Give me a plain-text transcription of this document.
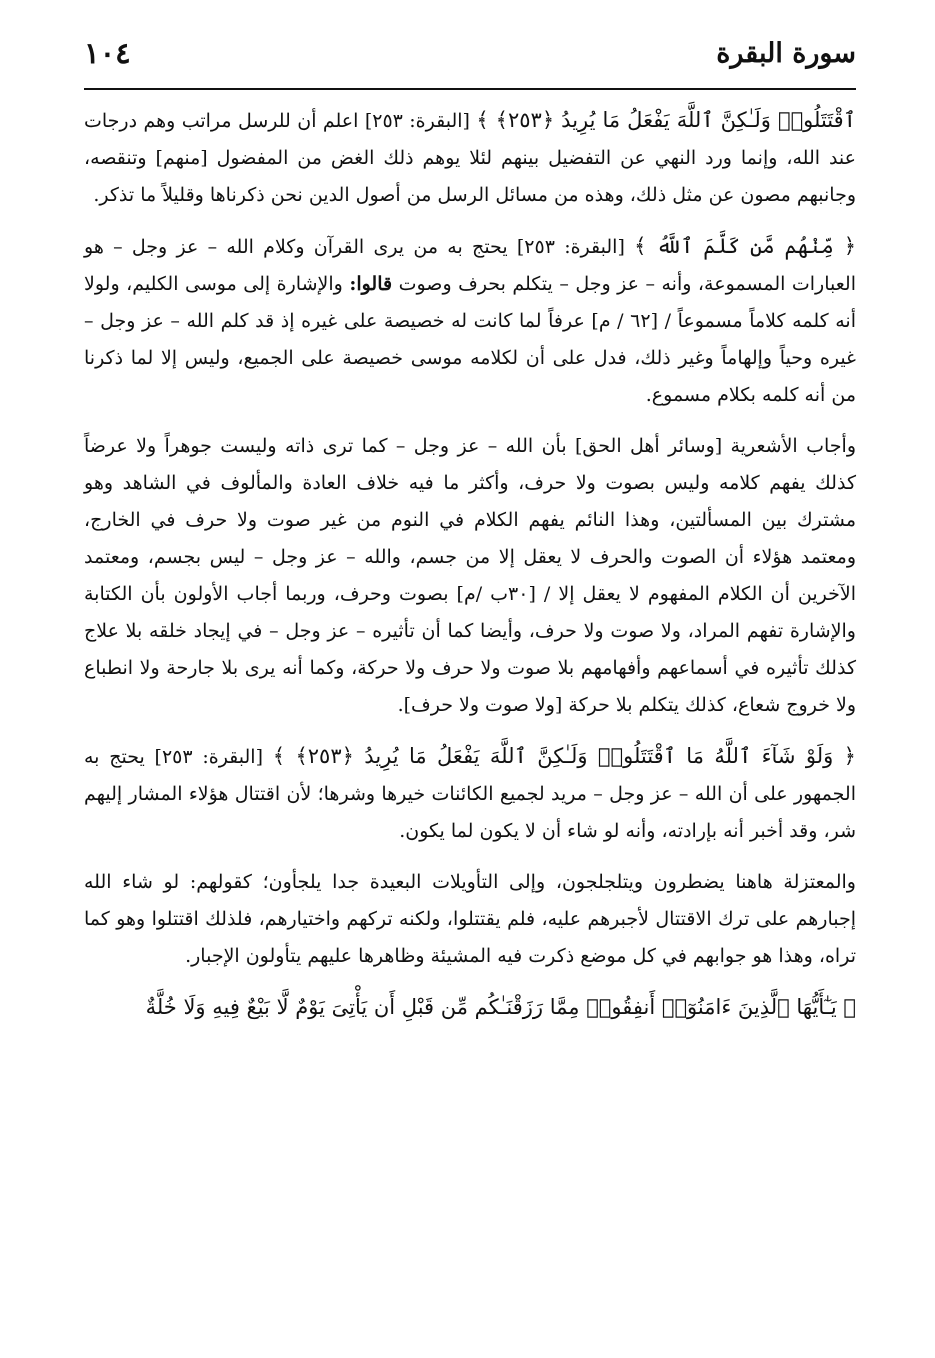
سورة البقرة
١٠٤

ٱقْتَتَلُوا۟ وَلَـٰكِنَّ ٱللَّهَ يَفْعَلُ مَا يُرِيدُ ﴿٢٥٣﴾ ﴾ [البقرة: ٢٥٣] اعلم أن للرسل مراتب وهم درجات عند الله، وإنما ورد النهي عن التفضيل بينهم لئلا يوهم ذلك الغض من المفضول [منهم] وتنقصه، وجانبهم مصون عن مثل ذلك، وهذه من مسائل الرسل من أصول الدين نحن ذكرناها وقليلاً ما تذكر.

﴿ مِّنْهُم مَّن كَلَّمَ ٱللَّهُ ﴾ [البقرة: ٢٥٣] يحتج به من يرى القرآن وكلام الله – عز وجل – هو العبارات المسموعة، وأنه – عز وجل – يتكلم بحرف وصوت قالوا: والإشارة إلى موسى الكليم، ولولا أنه كلمه كلاماً مسموعاً / [٦٢ / م] عرفاً لما كانت له خصيصة على غيره إذ قد كلم الله – عز وجل – غيره وحياً وإلهاماً وغير ذلك، فدل على أن لكلامه موسى خصيصة على الجميع، وليس إلا لما ذكرنا من أنه كلمه بكلام مسموع.

وأجاب الأشعرية [وسائر أهل الحق] بأن الله – عز وجل – كما ترى ذاته وليست جوهراً ولا عرضاً كذلك يفهم كلامه وليس بصوت ولا حرف، وأكثر ما فيه خلاف العادة والمألوف في الشاهد وهو مشترك بين المسألتين، وهذا النائم يفهم الكلام في النوم من غير صوت ولا حرف في الخارج، ومعتمد هؤلاء أن الصوت والحرف لا يعقل إلا من جسم، والله – عز وجل – ليس بجسم، ومعتمد الآخرين أن الكلام المفهوم لا يعقل إلا / [٣٠ب /م] بصوت وحرف، وربما أجاب الأولون بأن الكتابة والإشارة تفهم المراد، ولا صوت ولا حرف، وأيضا كما أن تأثيره – عز وجل – في إيجاد خلقه بلا علاج كذلك تأثيره في أسماعهم وأفهامهم بلا صوت ولا حرف ولا حركة، وكما أنه يرى بلا جارحة ولا انطباع ولا خروج شعاع، كذلك يتكلم بلا حركة [ولا صوت ولا حرف].

﴿ وَلَوْ شَآءَ ٱللَّهُ مَا ٱقْتَتَلُوا۟ وَلَـٰكِنَّ ٱللَّهَ يَفْعَلُ مَا يُرِيدُ ﴿٢٥٣﴾ ﴾ [البقرة: ٢٥٣] يحتج به الجمهور على أن الله – عز وجل – مريد لجميع الكائنات خيرها وشرها؛ لأن اقتتال هؤلاء المشار إليهم شر، وقد أخبر أنه بإرادته، وأنه لو شاء أن لا يكون لما يكون.

والمعتزلة هاهنا يضطرون ويتلجلجون، وإلى التأويلات البعيدة جدا يلجأون؛ كقولهم: لو شاء الله إجبارهم على ترك الاقتتال لأجبرهم عليه، فلم يقتتلوا، ولكنه تركهم واختيارهم، فلذلك اقتتلوا وهو كما تراه، وهذا هو جوابهم في كل موضع ذكرت فيه المشيئة وظاهرها عليهم يتأولون الإجبار.

﴿ يَـٰٓأَيُّهَا ٱلَّذِينَ ءَامَنُوٓا۟ أَنفِقُوا۟ مِمَّا رَزَقْنَـٰكُم مِّن قَبْلِ أَن يَأْتِىَ يَوْمٌ لَّا بَيْعٌ فِيهِ وَلَا خُلَّةٌ
